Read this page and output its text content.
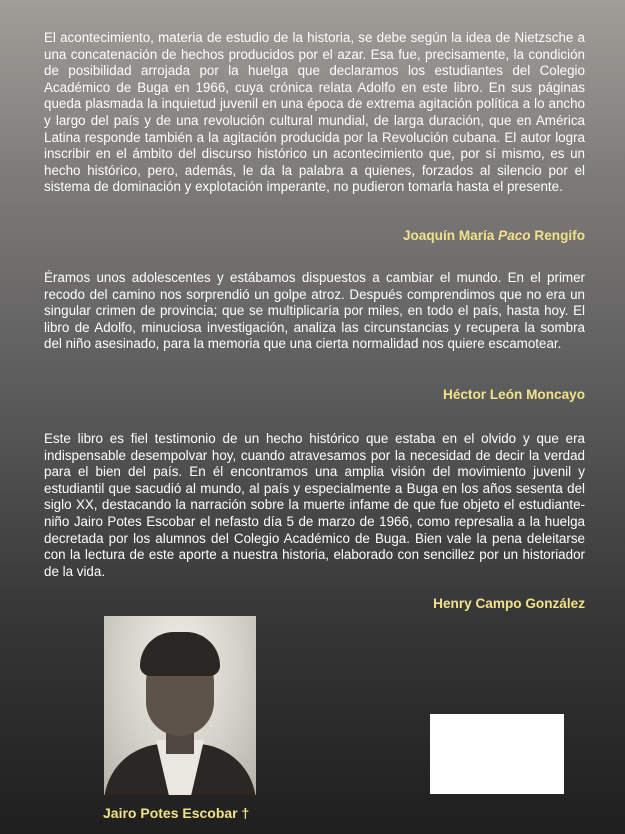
El acontecimiento, materia de estudio de la historia, se debe según la idea de Nietzsche a una concatenación de hechos producidos por el azar. Esa fue, precisamente, la condición de posibilidad arrojada por la huelga que declaramos los estudiantes del Colegio Académico de Buga en 1966, cuya crónica relata Adolfo en este libro. En sus páginas queda plasmada la inquietud juvenil en una época de extrema agitación política a lo ancho y largo del país y de una revolución cultural mundial, de larga duración, que en América Latina responde también a la agitación producida por la Revolución cubana. El autor logra inscribir en el ámbito del discurso histórico un acontecimiento que, por sí mismo, es un hecho histórico, pero, además, le da la palabra a quienes, forzados al silencio por el sistema de dominación y explotación imperante, no pudieron tomarla hasta el presente.

Joaquín María Paco Rengifo

Éramos unos adolescentes y estábamos dispuestos a cambiar el mundo. En el primer recodo del camino nos sorprendió un golpe atroz. Después comprendimos que no era un singular crimen de provincia; que se multiplicaría por miles, en todo el país, hasta hoy. El libro de Adolfo, minuciosa investigación, analiza las circunstancias y recupera la sombra del niño asesinado, para la memoria que una cierta normalidad nos quiere escamotear.

Héctor León Moncayo

Este libro es fiel testimonio de un hecho histórico que estaba en el olvido y que era indispensable desempolvar hoy, cuando atravesamos por la necesidad de decir la verdad para el bien del país. En él encontramos una amplia visión del movimiento juvenil y estudiantil que sacudió al mundo, al país y especialmente a Buga en los años sesenta del siglo XX, destacando la narración sobre la muerte infame de que fue objeto el estudiante-niño Jairo Potes Escobar el nefasto día 5 de marzo de 1966, como represalia a la huelga decretada por los alumnos del Colegio Académico de Buga. Bien vale la pena deleitarse con la lectura de este aporte a nuestra historia, elaborado con sencillez por un historiador de la vida.

Henry Campo González

Jairo Potes Escobar †
